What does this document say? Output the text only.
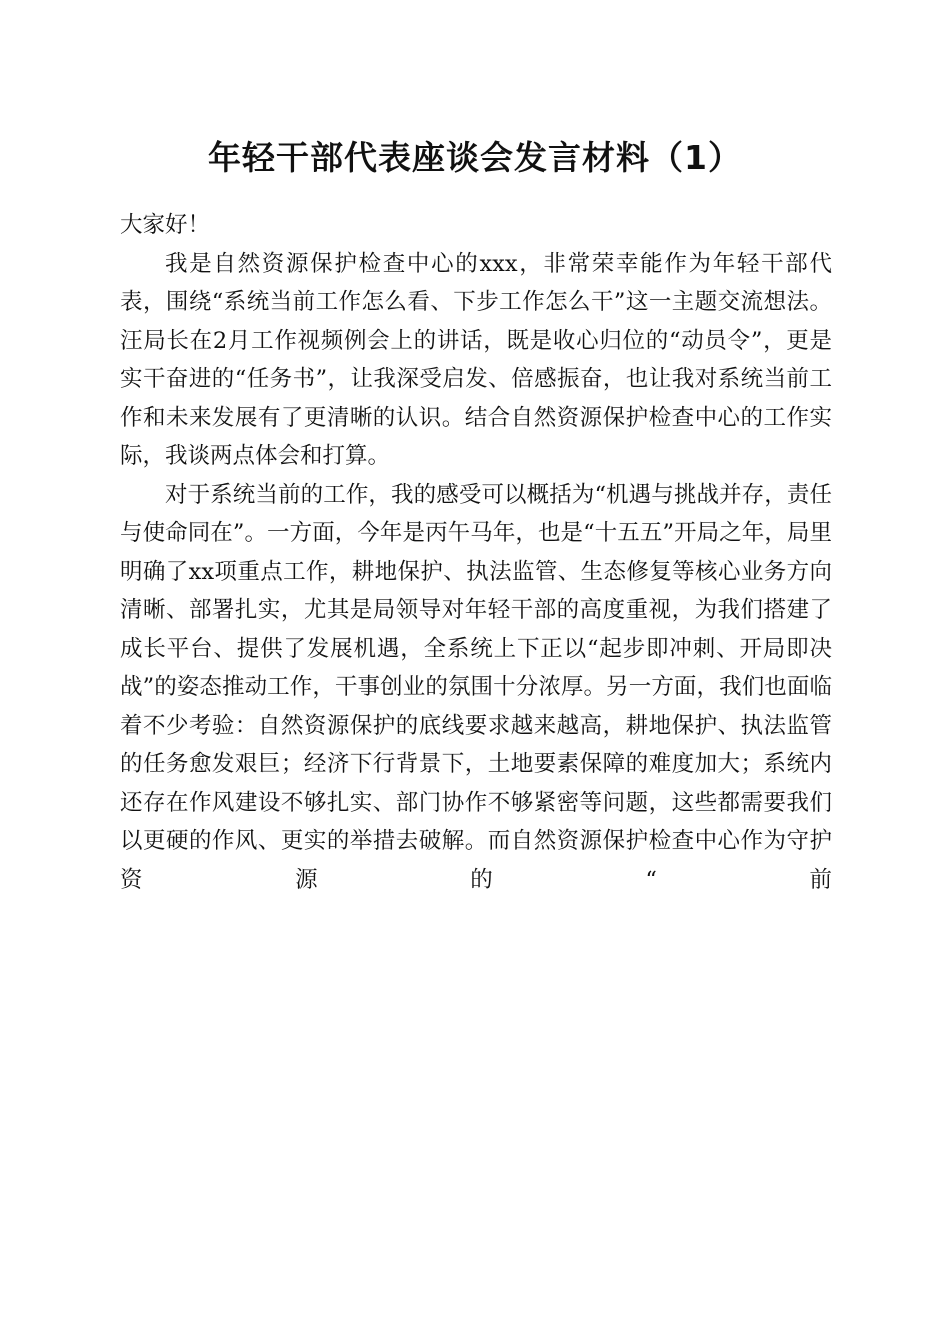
年轻干部代表座谈会发言材料（1）

大家好！

我是自然资源保护检查中心的xxx，非常荣幸能作为年轻干部代表，围绕“系统当前工作怎么看、下步工作怎么干”这一主题交流想法。汪局长在2月工作视频例会上的讲话，既是收心归位的“动员令”，更是实干奋进的“任务书”，让我深受启发、倍感振奋，也让我对系统当前工作和未来发展有了更清晰的认识。结合自然资源保护检查中心的工作实际，我谈两点体会和打算。

对于系统当前的工作，我的感受可以概括为“机遇与挑战并存，责任与使命同在”。一方面，今年是丙午马年，也是“十五五”开局之年，局里明确了xx项重点工作，耕地保护、执法监管、生态修复等核心业务方向清晰、部署扎实，尤其是局领导对年轻干部的高度重视，为我们搭建了成长平台、提供了发展机遇，全系统上下正以“起步即冲刺、开局即决战”的姿态推动工作，干事创业的氛围十分浓厚。另一方面，我们也面临着不少考验：自然资源保护的底线要求越来越高，耕地保护、执法监管的任务愈发艰巨；经济下行背景下，土地要素保障的难度加大；系统内还存在作风建设不够扎实、部门协作不够紧密等问题，这些都需要我们以更硬的作风、更实的举措去破解。而自然资源保护检查中心作为守护资源的“前
